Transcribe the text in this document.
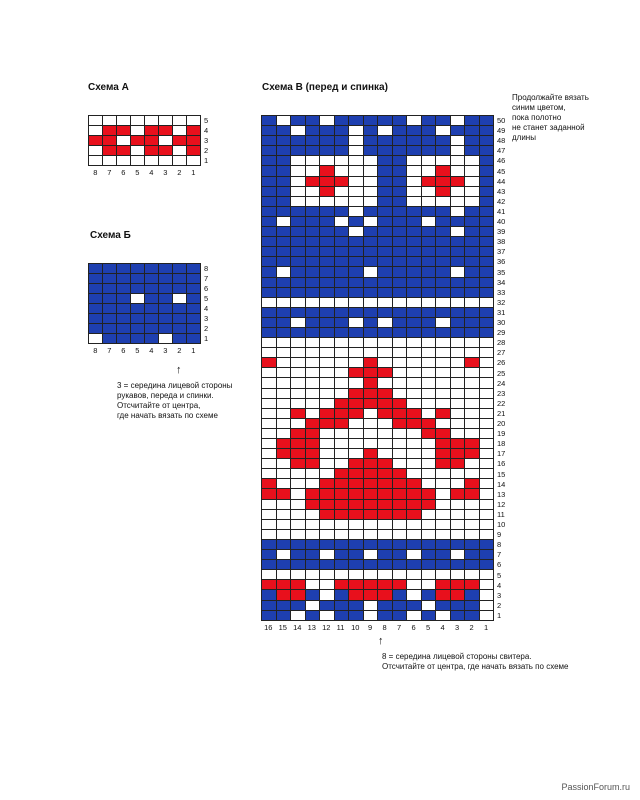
Схема А
5
4
3
2
1
8 7 6 5 4 3 2 1
Схема Б
8
7
6
5
4
3
2
1
8 7 6 5 4 3 2 1
↑
3 = середина лицевой стороны
рукавов, переда и спинки.
Отсчитайте от центра,
где начать вязать по схеме
Схема В (перед и спинка)
Продолжайте вязать
синим цветом,
пока полотно
не станет заданной
длины
50
49
48
47
46
45
44
43
42
41
40
39
38
37
36
35
34
33
32
31
30
29
28
27
26
25
24
23
22
21
20
19
18
17
16
15
14
13
12
11
10
9
8
7
6
5
4
3
2
1
16 15 14 13 12 11 10 9 8 7 6 5 4 3 2 1
↑
8 = середина лицевой стороны свитера.
Отсчитайте от центра, где начать вязать по схеме
PassionForum.ru
